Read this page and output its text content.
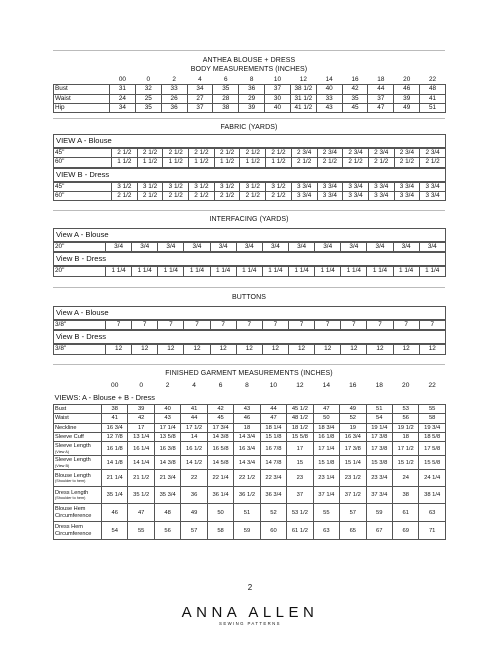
ANTHEA BLOUSE + DRESS
BODY MEASUREMENTS (INCHES)
	00	0	2	4	6	8	10	12	14	16	18	20	22
Bust	31	32	33	34	35	36	37	38 1/2	40	42	44	46	48
Waist	24	25	26	27	28	29	30	31 1/2	33	35	37	39	41
Hip	34	35	36	37	38	39	40	41 1/2	43	45	47	49	51
FABRIC (YARDS)
VIEW A - Blouse
45"	2 1/2	2 1/2	2 1/2	2 1/2	2 1/2	2 1/2	2 1/2	2 3/4	2 3/4	2 3/4	2 3/4	2 3/4	2 3/4
60"	1 1/2	1 1/2	1 1/2	1 1/2	1 1/2	1 1/2	1 1/2	2 1/2	2 1/2	2 1/2	2 1/2	2 1/2	2 1/2
VIEW B - Dress
45"	3 1/2	3 1/2	3 1/2	3 1/2	3 1/2	3 1/2	3 1/2	3 3/4	3 3/4	3 3/4	3 3/4	3 3/4	3 3/4
60"	2 1/2	2 1/2	2 1/2	2 1/2	2 1/2	2 1/2	2 1/2	3 3/4	3 3/4	3 3/4	3 3/4	3 3/4	3 3/4
INTERFACING (YARDS)
View A - Blouse
20"	3/4	3/4	3/4	3/4	3/4	3/4	3/4	3/4	3/4	3/4	3/4	3/4	3/4
View B - Dress
20"	1 1/4	1 1/4	1 1/4	1 1/4	1 1/4	1 1/4	1 1/4	1 1/4	1 1/4	1 1/4	1 1/4	1 1/4	1 1/4
BUTTONS
View A - Blouse
3/8"	7	7	7	7	7	7	7	7	7	7	7	7	7
View B - Dress
3/8"	12	12	12	12	12	12	12	12	12	12	12	12	12
FINISHED GARMENT MEASUREMENTS (INCHES)
	00	0	2	4	6	8	10	12	14	16	18	20	22
VIEWS: A - Blouse + B - Dress													

Bust	38	39	40	41	42	43	44	45 1/2	47	49	51	53	55

Waist	41	42	43	44	45	46	47	48 1/2	50	52	54	56	58

Neckline	16 3/4	17	17 1/4	17 1/2	17 3/4	18	18 1/4	18 1/2	18 3/4	19	19 1/4	19 1/2	19 3/4

Sleeve Cuff	12 7/8	13 1/4	13 5/8	14	14 3/8	14 3/4	15 1/8	15 5/8	16 1/8	16 3/4	17 3/8	18	18 5/8

Sleeve Length
(View A)	16 1/8	16 1/4	16 3/8	16 1/2	16 5/8	16 3/4	16 7/8	17	17 1/4	17 3/8	17 3/8	17 1/2	17 5/8

Sleeve Length
(View B)	14 1/8	14 1/4	14 3/8	14 1/2	14 5/8	14 3/4	14 7/8	15	15 1/8	15 1/4	15 3/8	15 1/2	15 5/8

Blouse Length
(Shoulder to hem)	21 1/4	21 1/2	21 3/4	22	22 1/4	22 1/2	22 3/4	23	23 1/4	23 1/2	23 3/4	24	24 1/4

Dress Length
(Shoulder to hem)	35 1/4	35 1/2	35 3/4	36	36 1/4	36 1/2	36 3/4	37	37 1/4	37 1/2	37 3/4	38	38 1/4

Blouse Hem
Circumference	46	47	48	49	50	51	52	53 1/2	55	57	59	61	63

Dress Hem
Circumference	54	55	56	57	58	59	60	61 1/2	63	65	67	69	71
2
ANNA ALLEN
SEWING PATTERNS
